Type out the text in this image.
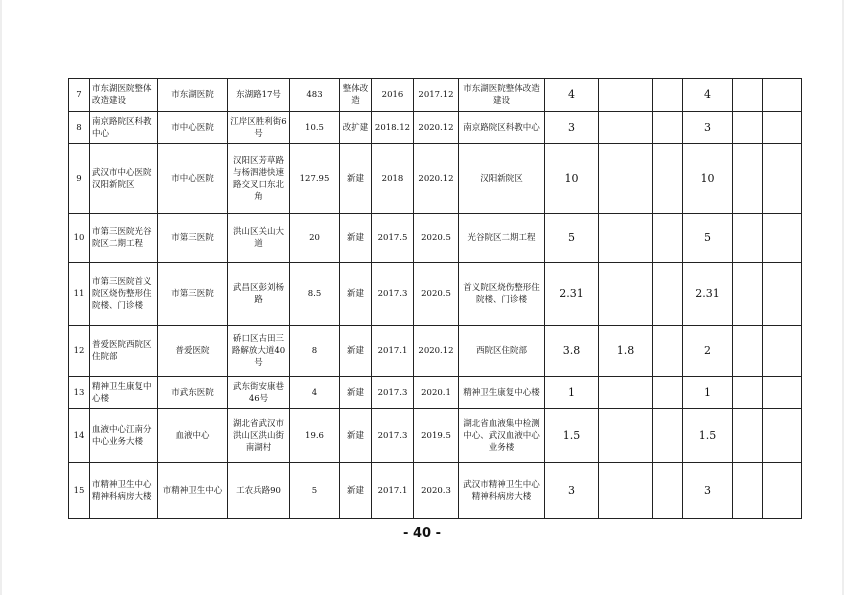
7	市东湖医院整体改造建设	市东湖医院	东湖路17号	483	整体改造	2016	2017.12	市东湖医院整体改造建设	4			4		
8	南京路院区科教中心	市中心医院	江岸区胜利街6号	10.5	改扩建	2018.12	2020.12	南京路院区科教中心	3			3		
9	武汉市中心医院汉阳新院区	市中心医院	汉阳区芳草路与杨泗港快速路交叉口东北角	127.95	新建	2018	2020.12	汉阳新院区	10			10		
10	市第三医院光谷院区二期工程	市第三医院	洪山区关山大道	20	新建	2017.5	2020.5	光谷院区二期工程	5			5		
11	市第三医院首义院区烧伤整形住院楼、门诊楼	市第三医院	武昌区彭刘杨路	8.5	新建	2017.3	2020.5	首义院区烧伤整形住院楼、门诊楼	2.31			2.31		
12	普爱医院西院区住院部	普爱医院	硚口区古田三路解放大道40号	8	新建	2017.1	2020.12	西院区住院部	3.8	1.8		2		
13	精神卫生康复中心楼	市武东医院	武东街安康巷46号	4	新建	2017.3	2020.1	精神卫生康复中心楼	1			1		
14	血液中心江南分中心业务大楼	血液中心	湖北省武汉市洪山区洪山街南湖村	19.6	新建	2017.3	2019.5	湖北省血液集中检测中心、武汉血液中心业务楼	1.5			1.5		
15	市精神卫生中心精神科病房大楼	市精神卫生中心	工农兵路90	5	新建	2017.1	2020.3	武汉市精神卫生中心精神科病房大楼	3			3		
- 40 -
